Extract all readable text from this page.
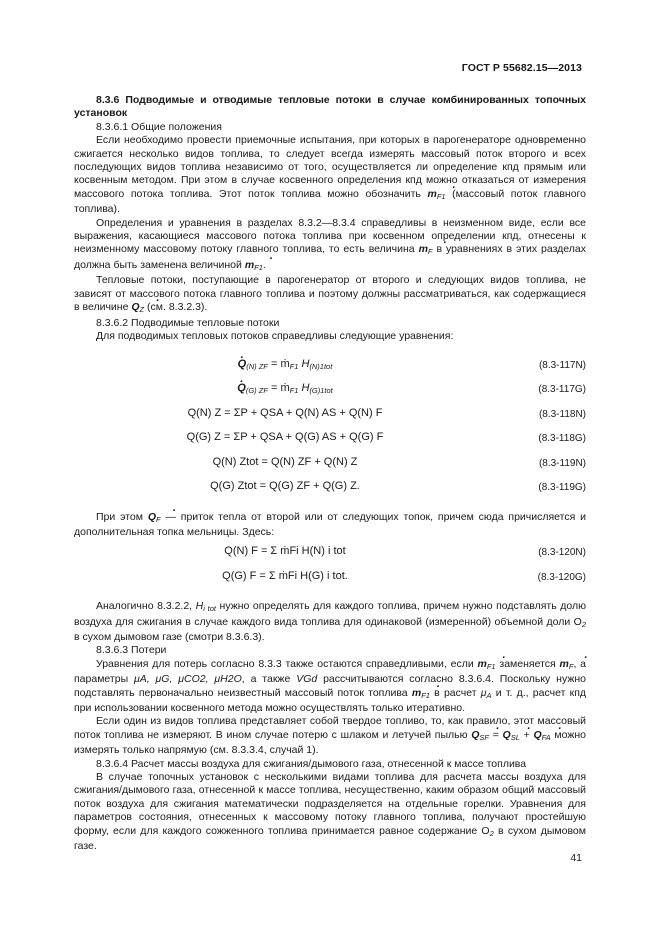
ГОСТ Р 55682.15—2013

8.3.6 Подводимые и отводимые тепловые потоки в случае комбинированных топочных установок

8.3.6.1 Общие положения

Если необходимо провести приемочные испытания, при которых в парогенераторе одновременно сжигается несколько видов топлива, то следует всегда измерять массовый поток второго и всех последующих видов топлива независимо от того, осуществляется ли определение кпд прямым или косвенным методом. При этом в случае косвенного определения кпд можно отказаться от измерения массового потока топлива. Этот поток топлива можно обозначить . $m_{F1}$ (массовый поток главного топлива).

Определения и уравнения в разделах 8.3.2—8.3.4 справедливы в неизменном виде, если все выражения, касающиеся массового потока топлива при косвенном определении кпд, отнесены к неизменному массовому потоку главного топлива, то есть величина . $m_F$ в уравнениях в этих разделах должна быть заменена величиной . $m_{F1}$.

Тепловые потоки, поступающие в парогенератор от второго и следующих видов топлива, не зависят от массового потока главного топлива и поэтому должны рассматриваться, как содержащиеся в величине . $Q_Z$ (см. 8.3.2.3).

8.3.6.2 Подводимые тепловые потоки

Для подводимых тепловых потоков справедливы следующие уравнения:

. $Q_{(N) ZF}$ = ṁ$_{F1}$ $H_{(N)1tot}$	(8.3-117N)
. $Q_{(G) ZF}$ = ṁ$_{F1}$ $H_{(G)1tot}$	(8.3-117G)
Q(N) Z = ΣP + QSA + Q(N) AS + Q(N) F	(8.3-118N)
Q(G) Z = ΣP + QSA + Q(G) AS + Q(G) F	(8.3-118G)
Q(N) Ztot = Q(N) ZF + Q(N) Z	(8.3-119N)
Q(G) Ztot = Q(G) ZF + Q(G) Z.	(8.3-119G)

При этом . $Q_F$ — приток тепла от второй или от следующих топок, причем сюда причисляется и дополнительная топка мельницы. Здесь:

Q(N) F = Σ ṁFi H(N) i tot	(8.3-120N)
Q(G) F = Σ ṁFi H(G) i tot.	(8.3-120G)

Аналогично 8.3.2.2, $H_{i tot}$ нужно определять для каждого топлива, причем нужно подставлять долю воздуха для сжигания в случае каждого вида топлива для одинаковой (измеренной) объемной доли $O_2$ в сухом дымовом газе (смотри 8.3.6.3).

8.3.6.3 Потери

Уравнения для потерь согласно 8.3.3 также остаются справедливыми, если . $m_{F1}$ заменяется . $m_F$, а параметры μA, μG, μCO2, μH2O, а также VGd рассчитываются согласно 8.3.6.4. Поскольку нужно подставлять первоначально неизвестный массовый поток топлива . $m_{F1}$ в расчет $\mu_A$ и т. д., расчет кпд при использовании косвенного метода можно осуществлять только итеративно.

Если один из видов топлива представляет собой твердое топливо, то, как правило, этот массовый поток топлива не измеряют. В ином случае потерю с шлаком и летучей пылью . $Q_{SF}$ = . $Q_{SL}$ + . $Q_{FA}$ можно измерять только напрямую (см. 8.3.3.4, случай 1).

8.3.6.4 Расчет массы воздуха для сжигания/дымового газа, отнесенной к массе топлива

В случае топочных установок с несколькими видами топлива для расчета массы воздуха для сжигания/дымового газа, отнесенной к массе топлива, несущественно, каким образом общий массовый поток воздуха для сжигания математически подразделяется на отдельные горелки. Уравнения для параметров состояния, отнесенных к массовому потоку главного топлива, получают простейшую форму, если для каждого сожженного топлива принимается равное содержание $O_2$ в сухом дымовом газе.

41
